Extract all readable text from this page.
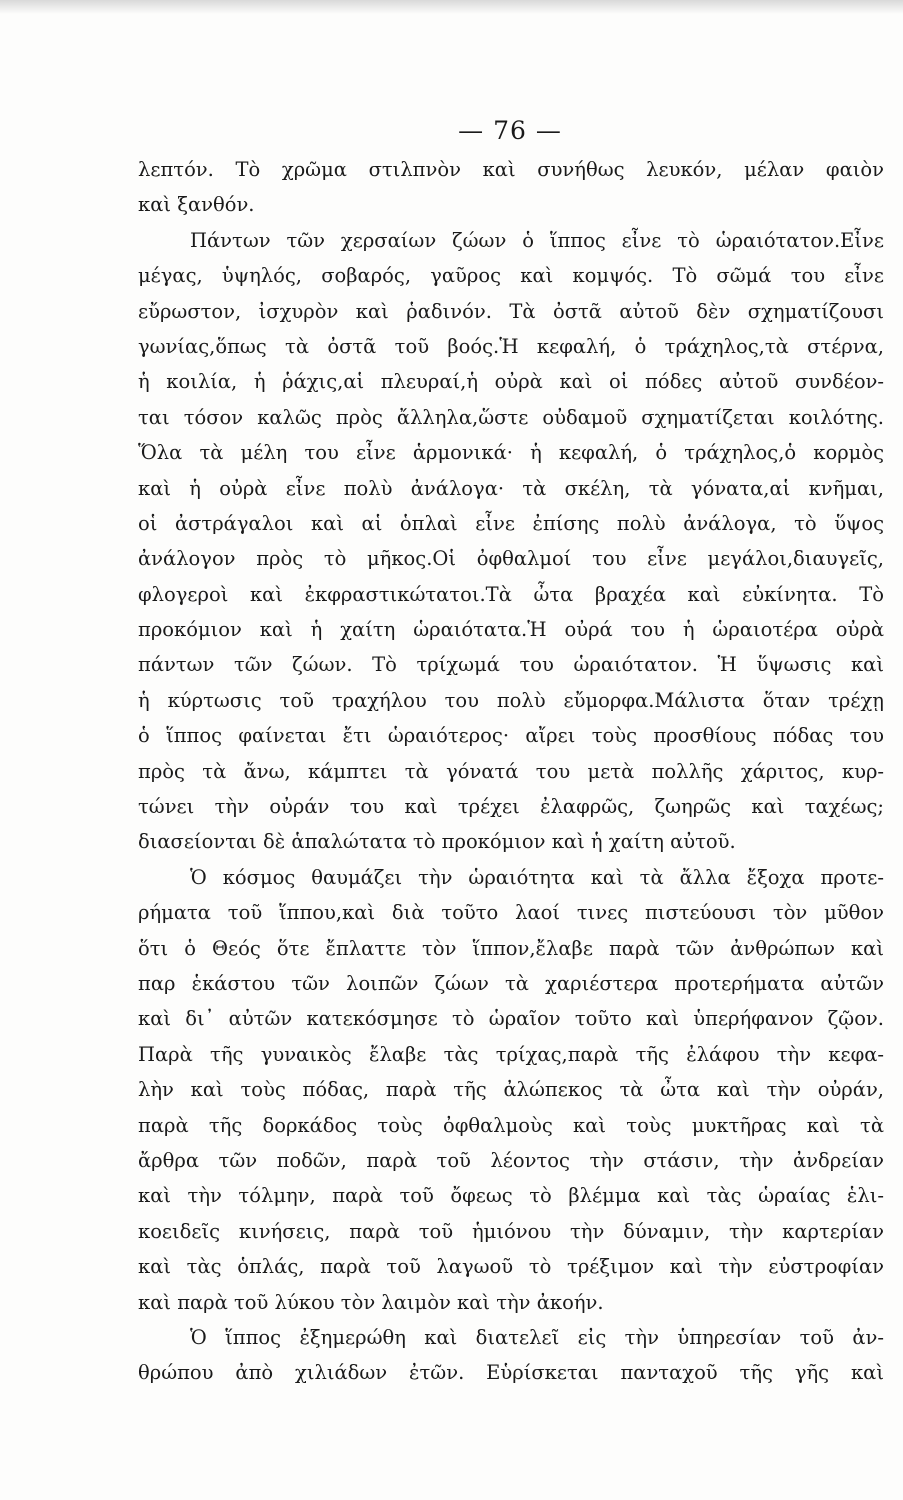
— 76 —
λεπτόν. Τὸ χρῶμα στιλπνὸν καὶ συνήθως λευκόν, μέλαν φαιὸν
καὶ ξανθόν.
Πάντων τῶν χερσαίων ζώων ὁ ἵππος εἶνε τὸ ὡραιότατον.Εἶνε
μέγας, ὑψηλός, σοβαρός, γαῦρος καὶ κομψός. Τὸ σῶμά του εἶνε
εὔρωστον, ἰσχυρὸν καὶ ῥαδινόν. Τὰ ὀστᾶ αὐτοῦ δὲν σχηματίζουσι
γωνίας,ὅπως τὰ ὀστᾶ τοῦ βοός.Ἡ κεφαλή, ὁ τράχηλος,τὰ στέρνα,
ἡ κοιλία, ἡ ῥάχις,αἱ πλευραί,ἡ οὐρὰ καὶ οἱ πόδες αὐτοῦ συνδέον-
ται τόσον καλῶς πρὸς ἄλληλα,ὥστε οὐδαμοῦ σχηματίζεται κοιλότης.
Ὅλα τὰ μέλη του εἶνε ἁρμονικά· ἡ κεφαλή, ὁ τράχηλος,ὁ κορμὸς
καὶ ἡ οὐρὰ εἶνε πολὺ ἀνάλογα· τὰ σκέλη, τὰ γόνατα,αἱ κνῆμαι,
οἱ ἀστράγαλοι καὶ αἱ ὁπλαὶ εἶνε ἐπίσης πολὺ ἀνάλογα, τὸ ὕψος
ἀνάλογον πρὸς τὸ μῆκος.Οἱ ὀφθαλμοί του εἶνε μεγάλοι,διαυγεῖς,
φλογεροὶ καὶ ἐκφραστικώτατοι.Τὰ ὦτα βραχέα καὶ εὐκίνητα. Τὸ
προκόμιον καὶ ἡ χαίτη ὡραιότατα.Ἡ οὐρά του ἡ ὡραιοτέρα οὐρὰ
πάντων τῶν ζώων. Τὸ τρίχωμά του ὡραιότατον. Ἡ ὕψωσις καὶ
ἡ κύρτωσις τοῦ τραχήλου του πολὺ εὔμορφα.Μάλιστα ὅταν τρέχῃ
ὁ ἵππος φαίνεται ἔτι ὡραιότερος· αἴρει τοὺς προσθίους πόδας του
πρὸς τὰ ἄνω, κάμπτει τὰ γόνατά του μετὰ πολλῆς χάριτος, κυρ-
τώνει τὴν οὐράν του καὶ τρέχει ἐλαφρῶς, ζωηρῶς καὶ ταχέως;
διασείονται δὲ ἁπαλώτατα τὸ προκόμιον καὶ ἡ χαίτη αὐτοῦ.
Ὁ κόσμος θαυμάζει τὴν ὡραιότητα καὶ τὰ ἄλλα ἔξοχα προτε-
ρήματα τοῦ ἵππου,καὶ διὰ τοῦτο λαοί τινες πιστεύουσι τὸν μῦθον
ὅτι ὁ Θεός ὅτε ἔπλαττε τὸν ἵππον,ἔλαβε παρὰ τῶν ἀνθρώπων καὶ
παρ ἑκάστου τῶν λοιπῶν ζώων τὰ χαριέστερα προτερήματα αὐτῶν
καὶ δι᾽ αὐτῶν κατεκόσμησε τὸ ὡραῖον τοῦτο καὶ ὑπερήφανον ζῷον.
Παρὰ τῆς γυναικὸς ἔλαβε τὰς τρίχας,παρὰ τῆς ἐλάφου τὴν κεφα-
λὴν καὶ τοὺς πόδας, παρὰ τῆς ἀλώπεκος τὰ ὦτα καὶ τὴν οὐράν,
παρὰ τῆς δορκάδος τοὺς ὀφθαλμοὺς καὶ τοὺς μυκτῆρας καὶ τὰ
ἄρθρα τῶν ποδῶν, παρὰ τοῦ λέοντος τὴν στάσιν, τὴν ἀνδρείαν
καὶ τὴν τόλμην, παρὰ τοῦ ὄφεως τὸ βλέμμα καὶ τὰς ὡραίας ἑλι-
κοειδεῖς κινήσεις, παρὰ τοῦ ἡμιόνου τὴν δύναμιν, τὴν καρτερίαν
καὶ τὰς ὁπλάς, παρὰ τοῦ λαγωοῦ τὸ τρέξιμον καὶ τὴν εὐστροφίαν
καὶ παρὰ τοῦ λύκου τὸν λαιμὸν καὶ τὴν ἀκοήν.
Ὁ ἵππος ἐξημερώθη καὶ διατελεῖ εἰς τὴν ὑπηρεσίαν τοῦ ἀν-
θρώπου ἀπὸ χιλιάδων ἐτῶν. Εὑρίσκεται πανταχοῦ τῆς γῆς καὶ
